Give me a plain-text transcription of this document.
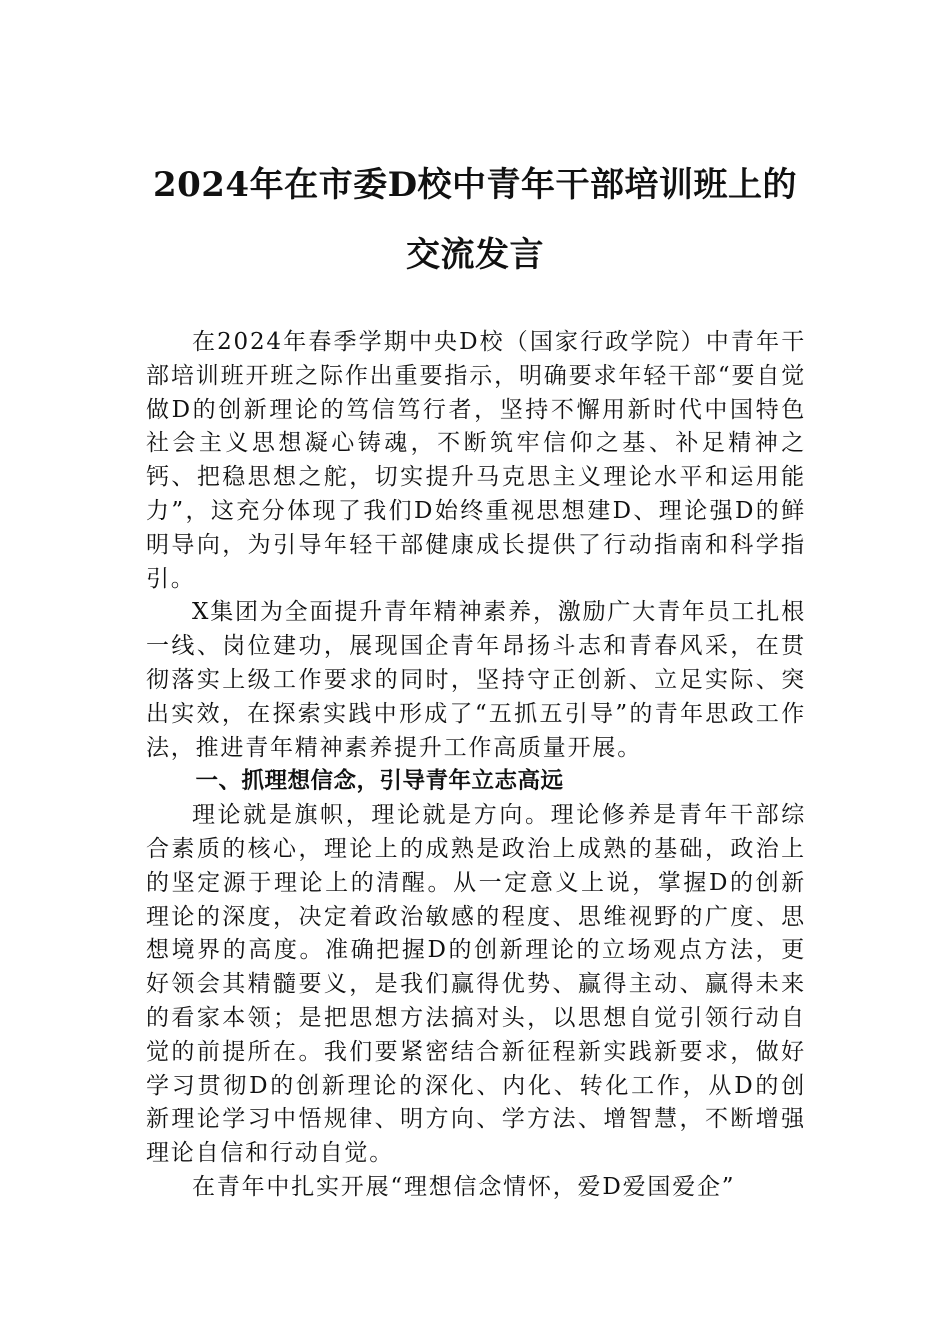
2024年在市委D校中青年干部培训班上的
交流发言

在2024年春季学期中央D校（国家行政学院）中青年干部培训班开班之际作出重要指示，明确要求年轻干部“要自觉做D的创新理论的笃信笃行者，坚持不懈用新时代中国特色社会主义思想凝心铸魂，不断筑牢信仰之基、补足精神之钙、把稳思想之舵，切实提升马克思主义理论水平和运用能力”，这充分体现了我们D始终重视思想建D、理论强D的鲜明导向，为引导年轻干部健康成长提供了行动指南和科学指引。

X集团为全面提升青年精神素养，激励广大青年员工扎根一线、岗位建功，展现国企青年昂扬斗志和青春风采，在贯彻落实上级工作要求的同时，坚持守正创新、立足实际、突出实效，在探索实践中形成了“五抓五引导”的青年思政工作法，推进青年精神素养提升工作高质量开展。

一、抓理想信念，引导青年立志高远

理论就是旗帜，理论就是方向。理论修养是青年干部综合素质的核心，理论上的成熟是政治上成熟的基础，政治上的坚定源于理论上的清醒。从一定意义上说，掌握D的创新理论的深度，决定着政治敏感的程度、思维视野的广度、思想境界的高度。准确把握D的创新理论的立场观点方法，更好领会其精髓要义，是我们赢得优势、赢得主动、赢得未来的看家本领；是把思想方法搞对头，以思想自觉引领行动自觉的前提所在。我们要紧密结合新征程新实践新要求，做好学习贯彻D的创新理论的深化、内化、转化工作，从D的创新理论学习中悟规律、明方向、学方法、增智慧，不断增强理论自信和行动自觉。

在青年中扎实开展“理想信念情怀，爱D爱国爱企”
